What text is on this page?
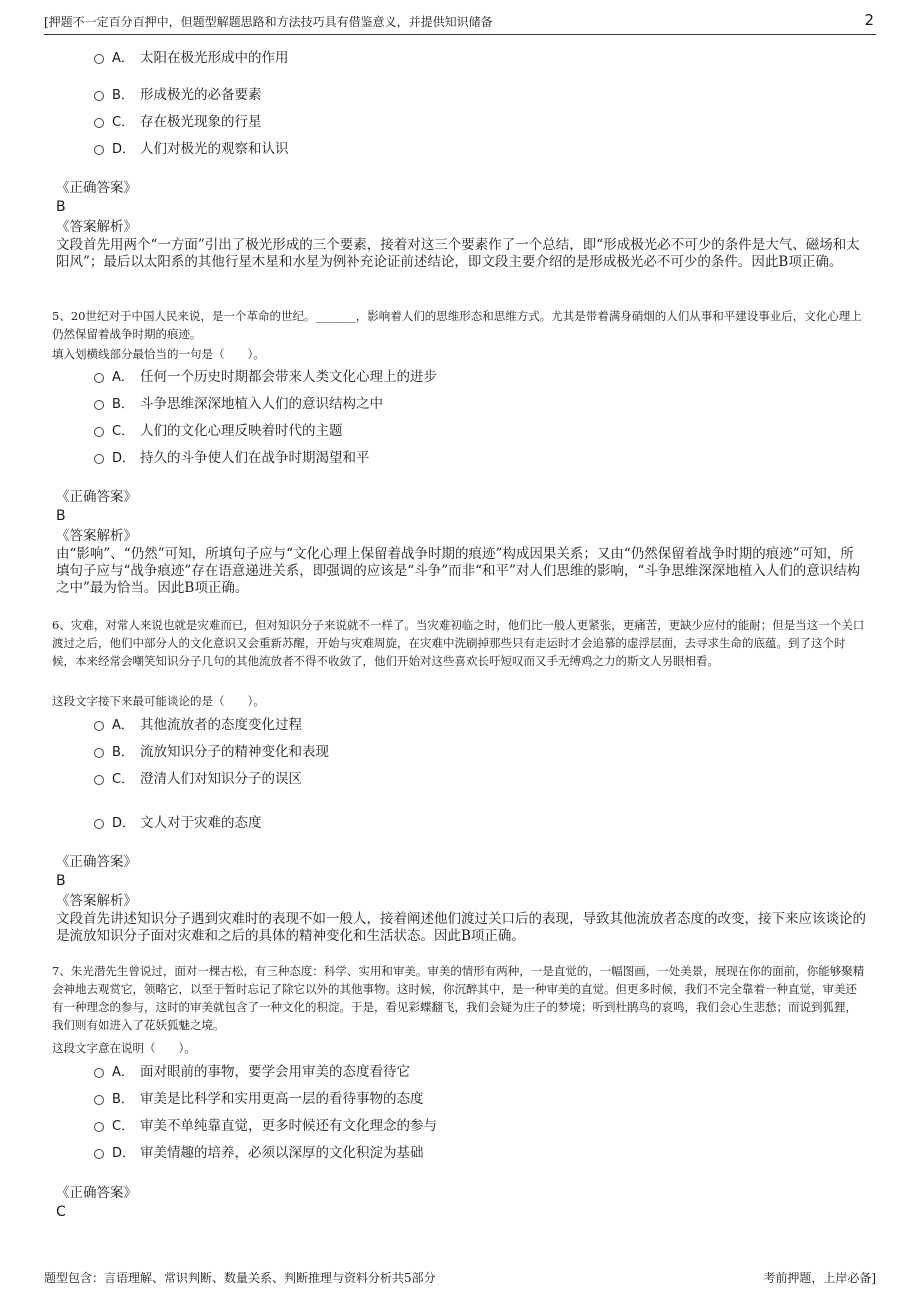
[押题不一定百分百押中，但题型解题思路和方法技巧具有借鉴意义，并提供知识储备	2
A． 太阳在极光形成中的作用
B． 形成极光的必备要素
C． 存在极光现象的行星
D． 人们对极光的观察和认识
《正确答案》
B
《答案解析》
文段首先用两个“一方面”引出了极光形成的三个要素，接着对这三个要素作了一个总结，即“形成极光必不可少的条件是大气、磁场和太阳风”；最后以太阳系的其他行星木星和水星为例补充论证前述结论，即文段主要介绍的是形成极光必不可少的条件。因此B项正确。
5、20世纪对于中国人民来说，是一个革命的世纪。_______，影响着人们的思维形态和思维方式。尤其是带着满身硝烟的人们从事和平建设事业后，文化心理上仍然保留着战争时期的痕迹。
填入划横线部分最恰当的一句是（　　）。
A． 任何一个历史时期都会带来人类文化心理上的进步
B． 斗争思维深深地植入人们的意识结构之中
C． 人们的文化心理反映着时代的主题
D． 持久的斗争使人们在战争时期渴望和平
《正确答案》
B
《答案解析》
由“影响”、“仍然”可知，所填句子应与“文化心理上保留着战争时期的痕迹”构成因果关系；又由“仍然保留着战争时期的痕迹”可知，所填句子应与“战争痕迹”存在语意递进关系，即强调的应该是“斗争”而非“和平”对人们思维的影响，“斗争思维深深地植入人们的意识结构之中”最为恰当。因此B项正确。
6、灾难，对常人来说也就是灾难而已，但对知识分子来说就不一样了。当灾难初临之时，他们比一般人更紧张，更痛苦，更缺少应付的能耐；但是当这一个关口渡过之后，他们中部分人的文化意识又会重新苏醒，开始与灾难周旋，在灾难中洗刷掉那些只有走运时才会追慕的虚浮层面，去寻求生命的底蕴。到了这个时候，本来经常会嘲笑知识分子几句的其他流放者不得不收敛了，他们开始对这些喜欢长吁短叹而又手无缚鸡之力的斯文人另眼相看。
这段文字接下来最可能谈论的是（　　）。
A． 其他流放者的态度变化过程
B． 流放知识分子的精神变化和表现
C． 澄清人们对知识分子的误区
D． 文人对于灾难的态度
《正确答案》
B
《答案解析》
文段首先讲述知识分子遇到灾难时的表现不如一般人，接着阐述他们渡过关口后的表现，导致其他流放者态度的改变，接下来应该谈论的是流放知识分子面对灾难和之后的具体的精神变化和生活状态。因此B项正确。
7、朱光潜先生曾说过，面对一棵古松，有三种态度：科学、实用和审美。审美的情形有两种，一是直觉的，一幅图画，一处美景，展现在你的面前，你能够聚精会神地去观赏它，领略它，以至于暂时忘记了除它以外的其他事物。这时候，你沉醉其中，是一种审美的直觉。但更多时候，我们不完全靠着一种直觉，审美还有一种理念的参与，这时的审美就包含了一种文化的积淀。于是，看见彩蝶翻飞，我们会疑为庄子的梦境；听到杜鹃鸟的哀鸣，我们会心生悲愁；而说到狐狸，我们则有如进入了花妖狐魅之境。
这段文字意在说明（　　）。
A． 面对眼前的事物，要学会用审美的态度看待它
B． 审美是比科学和实用更高一层的看待事物的态度
C． 审美不单纯靠直觉，更多时候还有文化理念的参与
D． 审美情趣的培养，必须以深厚的文化积淀为基础
《正确答案》
C
题型包含：言语理解、常识判断、数量关系、判断推理与资料分析共5部分	考前押题，上岸必备]
